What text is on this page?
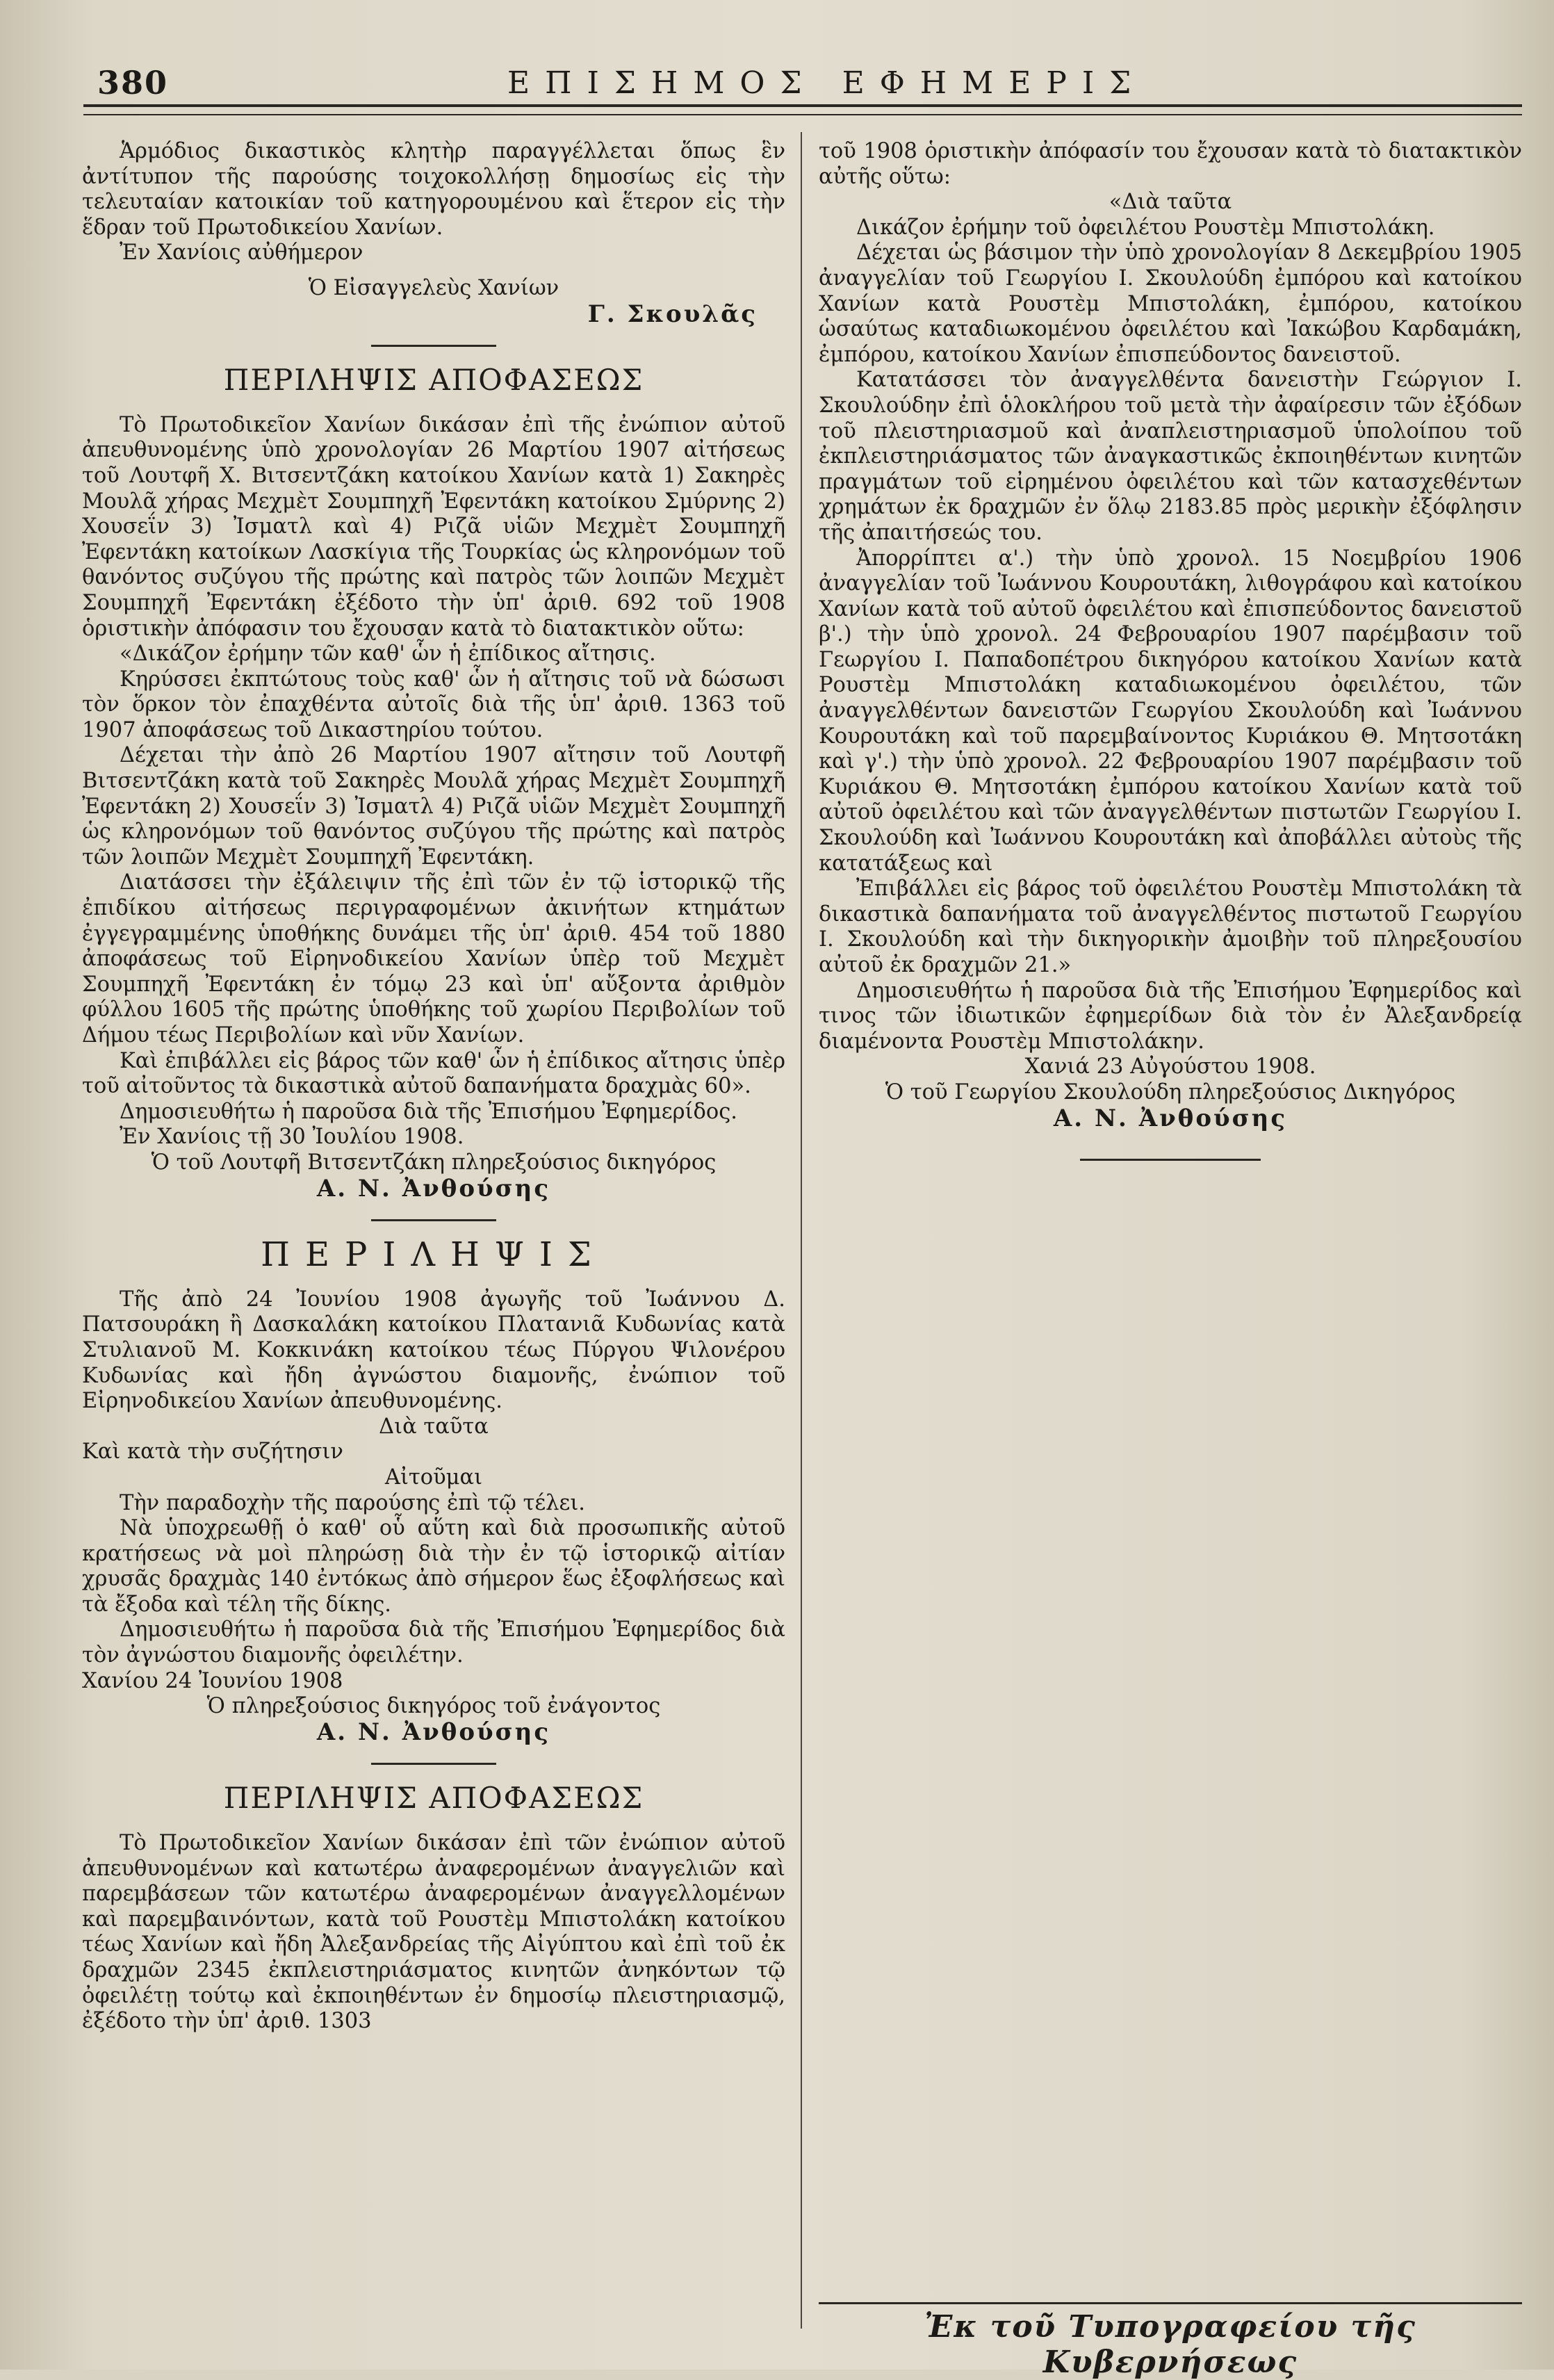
380	ΕΠΙΣΗΜΟΣ ΕΦΗΜΕΡΙΣ

Ἁρμόδιος δικαστικὸς κλητὴρ παραγγέλλεται ὅπως ἓν ἀντίτυπον τῆς παρούσης τοιχοκολλήσῃ δημοσίως εἰς τὴν τελευταίαν κατοικίαν τοῦ κατηγορουμένου καὶ ἕτερον εἰς τὴν ἕδραν τοῦ Πρωτοδικείου Χανίων.

Ἐν Χανίοις αὐθήμερον

Ὁ Εἰσαγγελεὺς Χανίων

Γ. Σκουλᾶς

ΠΕΡΙΛΗΨΙΣ ΑΠΟΦΑΣΕΩΣ

Τὸ Πρωτοδικεῖον Χανίων δικάσαν ἐπὶ τῆς ἐνώπιον αὐτοῦ ἀπευθυνομένης ὑπὸ χρονολογίαν 26 Μαρτίου 1907 αἰτήσεως τοῦ Λουτφῆ Χ. Βιτσεντζάκη κατοίκου Χανίων κατὰ 1) Σακηρὲς Μουλᾶ χήρας Μεχμὲτ Σουμπηχῆ Ἐφεντάκη κατοίκου Σμύρνης 2) Χουσεΐν 3) Ἰσματλ καὶ 4) Ριζᾶ υἱῶν Μεχμὲτ Σουμπηχῆ Ἐφεντάκη κατοίκων Λασκίγια τῆς Τουρκίας ὡς κληρονόμων τοῦ θανόντος συζύγου τῆς πρώτης καὶ πατρὸς τῶν λοιπῶν Μεχμὲτ Σουμπηχῆ Ἐφεντάκη ἐξέδοτο τὴν ὑπ' ἀριθ. 692 τοῦ 1908 ὁριστικὴν ἀπόφασιν του ἔχουσαν κατὰ τὸ διατακτικὸν οὕτω:

«Δικάζον ἐρήμην τῶν καθ' ὧν ἡ ἐπίδικος αἴτησις.

Κηρύσσει ἐκπτώτους τοὺς καθ' ὧν ἡ αἴτησις τοῦ νὰ δώσωσι τὸν ὅρκον τὸν ἐπαχθέντα αὐτοῖς διὰ τῆς ὑπ' ἀριθ. 1363 τοῦ 1907 ἀποφάσεως τοῦ Δικαστηρίου τούτου.

Δέχεται τὴν ἀπὸ 26 Μαρτίου 1907 αἴτησιν τοῦ Λουτφῆ Βιτσεντζάκη κατὰ τοῦ Σακηρὲς Μουλᾶ χήρας Μεχμὲτ Σουμπηχῆ Ἐφεντάκη 2) Χουσεΐν 3) Ἰσματλ 4) Ριζᾶ υἱῶν Μεχμὲτ Σουμπηχῆ ὡς κληρονόμων τοῦ θανόντος συζύγου τῆς πρώτης καὶ πατρὸς τῶν λοιπῶν Μεχμὲτ Σουμπηχῆ Ἐφεντάκη.

Διατάσσει τὴν ἐξάλειψιν τῆς ἐπὶ τῶν ἐν τῷ ἱστορικῷ τῆς ἐπιδίκου αἰτήσεως περιγραφομένων ἀκινήτων κτημάτων ἐγγεγραμμένης ὑποθήκης δυνάμει τῆς ὑπ' ἀριθ. 454 τοῦ 1880 ἀποφάσεως τοῦ Εἰρηνοδικείου Χανίων ὑπὲρ τοῦ Μεχμὲτ Σουμπηχῆ Ἐφεντάκη ἐν τόμῳ 23 καὶ ὑπ' αὔξοντα ἀριθμὸν φύλλου 1605 τῆς πρώτης ὑποθήκης τοῦ χωρίου Περιβολίων τοῦ Δήμου τέως Περιβολίων καὶ νῦν Χανίων.

Καὶ ἐπιβάλλει εἰς βάρος τῶν καθ' ὧν ἡ ἐπίδικος αἴτησις ὑπὲρ τοῦ αἰτοῦντος τὰ δικαστικὰ αὐτοῦ δαπανήματα δραχμὰς 60».

Δημοσιευθήτω ἡ παροῦσα διὰ τῆς Ἐπισήμου Ἐφημερίδος.

Ἐν Χανίοις τῇ 30 Ἰουλίου 1908.

Ὁ τοῦ Λουτφῆ Βιτσεντζάκη πληρεξούσιος δικηγόρος

Α. Ν. Ἀνθούσης

ΠΕΡΙΛΗΨΙΣ

Τῆς ἀπὸ 24 Ἰουνίου 1908 ἀγωγῆς τοῦ Ἰωάννου Δ. Πατσουράκη ἢ Δασκαλάκη κατοίκου Πλατανιᾶ Κυδωνίας κατὰ Στυλιανοῦ Μ. Κοκκινάκη κατοίκου τέως Πύργου Ψιλονέρου Κυδωνίας καὶ ἤδη ἀγνώστου διαμονῆς, ἐνώπιον τοῦ Εἰρηνοδικείου Χανίων ἀπευθυνομένης.

Διὰ ταῦτα

Καὶ κατὰ τὴν συζήτησιν

Αἰτοῦμαι

Τὴν παραδοχὴν τῆς παρούσης ἐπὶ τῷ τέλει.

Νὰ ὑποχρεωθῇ ὁ καθ' οὗ αὕτη καὶ διὰ προσωπικῆς αὐτοῦ κρατήσεως νὰ μοὶ πληρώσῃ διὰ τὴν ἐν τῷ ἱστορικῷ αἰτίαν χρυσᾶς δραχμὰς 140 ἐντόκως ἀπὸ σήμερον ἕως ἐξοφλήσεως καὶ τὰ ἔξοδα καὶ τέλη τῆς δίκης.

Δημοσιευθήτω ἡ παροῦσα διὰ τῆς Ἐπισήμου Ἐφημερίδος διὰ τὸν ἀγνώστου διαμονῆς ὀφειλέτην.

Χανίου 24 Ἰουνίου 1908

Ὁ πληρεξούσιος δικηγόρος τοῦ ἐνάγοντος

Α. Ν. Ἀνθούσης

ΠΕΡΙΛΗΨΙΣ ΑΠΟΦΑΣΕΩΣ

Τὸ Πρωτοδικεῖον Χανίων δικάσαν ἐπὶ τῶν ἐνώπιον αὐτοῦ ἀπευθυνομένων καὶ κατωτέρω ἀναφερομένων ἀναγγελιῶν καὶ παρεμβάσεων τῶν κατωτέρω ἀναφερομένων ἀναγγελλομένων καὶ παρεμβαινόντων, κατὰ τοῦ Ρουστὲμ Μπιστολάκη κατοίκου τέως Χανίων καὶ ἤδη Ἀλεξανδρείας τῆς Αἰγύπτου καὶ ἐπὶ τοῦ ἐκ δραχμῶν 2345 ἐκπλειστηριάσματος κινητῶν ἀνηκόντων τῷ ὀφειλέτῃ τούτῳ καὶ ἐκποιηθέντων ἐν δημοσίῳ πλειστηριασμῷ, ἐξέδοτο τὴν ὑπ' ἀριθ. 1303

τοῦ 1908 ὁριστικὴν ἀπόφασίν του ἔχουσαν κατὰ τὸ διατακτικὸν αὐτῆς οὕτω:

«Διὰ ταῦτα

Δικάζον ἐρήμην τοῦ ὀφειλέτου Ρουστὲμ Μπιστολάκη.

Δέχεται ὡς βάσιμον τὴν ὑπὸ χρονολογίαν 8 Δεκεμβρίου 1905 ἀναγγελίαν τοῦ Γεωργίου Ι. Σκουλούδη ἐμπόρου καὶ κατοίκου Χανίων κατὰ Ρουστὲμ Μπιστολάκη, ἐμπόρου, κατοίκου ὡσαύτως καταδιωκομένου ὀφειλέτου καὶ Ἰακώβου Καρδαμάκη, ἐμπόρου, κατοίκου Χανίων ἐπισπεύδοντος δανειστοῦ.

Κατατάσσει τὸν ἀναγγελθέντα δανειστὴν Γεώργιον Ι. Σκουλούδην ἐπὶ ὁλοκλήρου τοῦ μετὰ τὴν ἀφαίρεσιν τῶν ἐξόδων τοῦ πλειστηριασμοῦ καὶ ἀναπλειστηριασμοῦ ὑπολοίπου τοῦ ἐκπλειστηριάσματος τῶν ἀναγκαστικῶς ἐκποιηθέντων κινητῶν πραγμάτων τοῦ εἰρημένου ὀφειλέτου καὶ τῶν κατασχεθέντων χρημάτων ἐκ δραχμῶν ἐν ὅλῳ 2183.85 πρὸς μερικὴν ἐξόφλησιν τῆς ἀπαιτήσεώς του.

Ἀπορρίπτει α'.) τὴν ὑπὸ χρονολ. 15 Νοεμβρίου 1906 ἀναγγελίαν τοῦ Ἰωάννου Κουρουτάκη, λιθογράφου καὶ κατοίκου Χανίων κατὰ τοῦ αὐτοῦ ὀφειλέτου καὶ ἐπισπεύδοντος δανειστοῦ β'.) τὴν ὑπὸ χρονολ. 24 Φεβρουαρίου 1907 παρέμβασιν τοῦ Γεωργίου Ι. Παπαδοπέτρου δικηγόρου κατοίκου Χανίων κατὰ Ρουστὲμ Μπιστολάκη καταδιωκομένου ὀφειλέτου, τῶν ἀναγγελθέντων δανειστῶν Γεωργίου Σκουλούδη καὶ Ἰωάννου Κουρουτάκη καὶ τοῦ παρεμβαίνοντος Κυριάκου Θ. Μητσοτάκη καὶ γ'.) τὴν ὑπὸ χρονολ. 22 Φεβρουαρίου 1907 παρέμβασιν τοῦ Κυριάκου Θ. Μητσοτάκη ἐμπόρου κατοίκου Χανίων κατὰ τοῦ αὐτοῦ ὀφειλέτου καὶ τῶν ἀναγγελθέντων πιστωτῶν Γεωργίου Ι. Σκουλούδη καὶ Ἰωάννου Κουρουτάκη καὶ ἀποβάλλει αὐτοὺς τῆς κατατάξεως καὶ

Ἐπιβάλλει εἰς βάρος τοῦ ὀφειλέτου Ρουστὲμ Μπιστολάκη τὰ δικαστικὰ δαπανήματα τοῦ ἀναγγελθέντος πιστωτοῦ Γεωργίου Ι. Σκουλούδη καὶ τὴν δικηγορικὴν ἀμοιβὴν τοῦ πληρεξουσίου αὐτοῦ ἐκ δραχμῶν 21.»

Δημοσιευθήτω ἡ παροῦσα διὰ τῆς Ἐπισήμου Ἐφημερίδος καὶ τινος τῶν ἰδιωτικῶν ἐφημερίδων διὰ τὸν ἐν Ἀλεξανδρείᾳ διαμένοντα Ρουστὲμ Μπιστολάκην.

Χανιά 23 Αὐγούστου 1908.

Ὁ τοῦ Γεωργίου Σκουλούδη πληρεξούσιος Δικηγόρος

Α. Ν. Ἀνθούσης

Ἐκ τοῦ Τυπογραφείου τῆς Κυβερνήσεως
